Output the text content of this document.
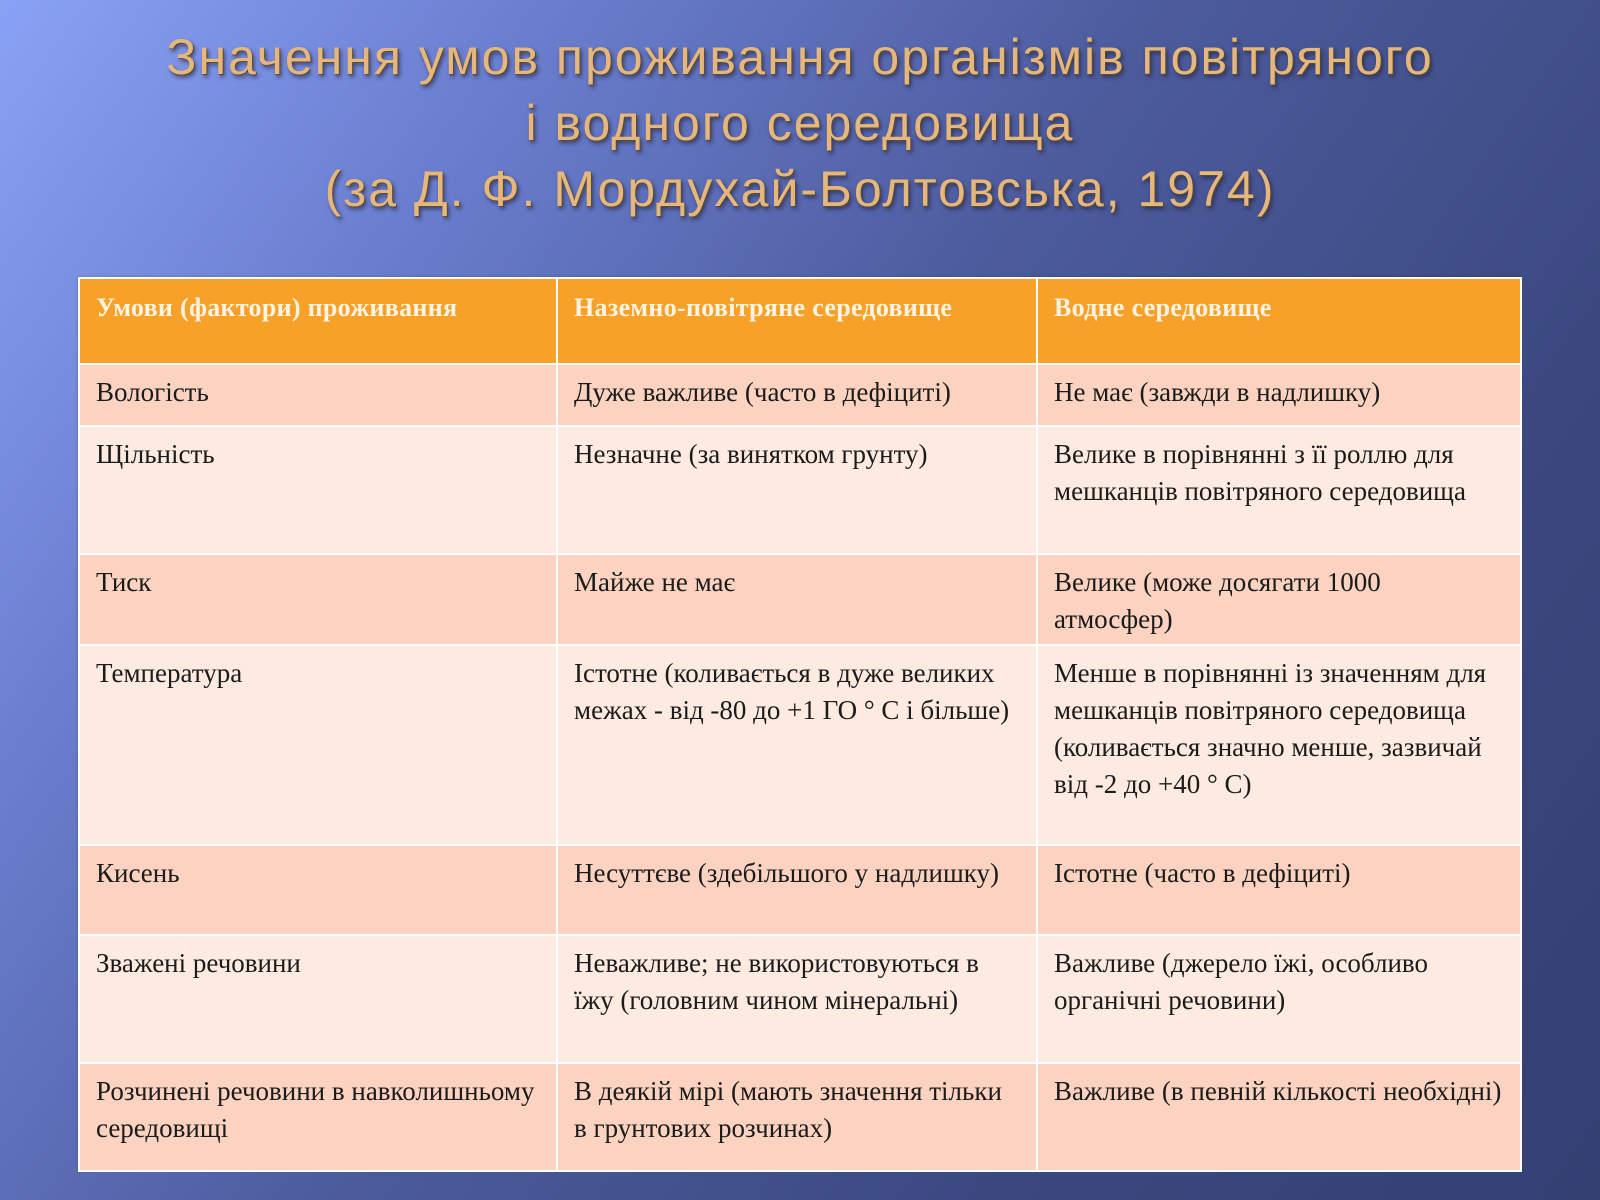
Значення умов проживання організмів повітряного
і водного середовища
(за Д. Ф. Мордухай-Болтовська, 1974)
Умови (фактори) проживання	Наземно-повітряне середовище	Водне середовище
Вологість	Дуже важливе (часто в дефіциті)	Не має (завжди в надлишку)
Щільність	Незначне (за винятком грунту)	Велике в порівнянні з її роллю для мешканців повітряного середовища
Тиск	Майже не має	Велике (може досягати 1000 атмосфер)
Температура	Істотне (коливається в дуже великих межах - від -80 до +1 ГО ° С і більше)	Менше в порівнянні із значенням для мешканців повітряного середовища (коливається значно менше, зазвичай від -2 до +40 ° С)
Кисень	Несуттєве (здебільшого у надлишку)	Істотне (часто в дефіциті)
Зважені речовини	Неважливе; не використовуються в їжу (головним чином мінеральні)	Важливе (джерело їжі, особливо органічні речовини)
Розчинені речовини в навколишньому середовищі	В деякій мірі (мають значення тільки в грунтових розчинах)	Важливе (в певній кількості необхідні)
